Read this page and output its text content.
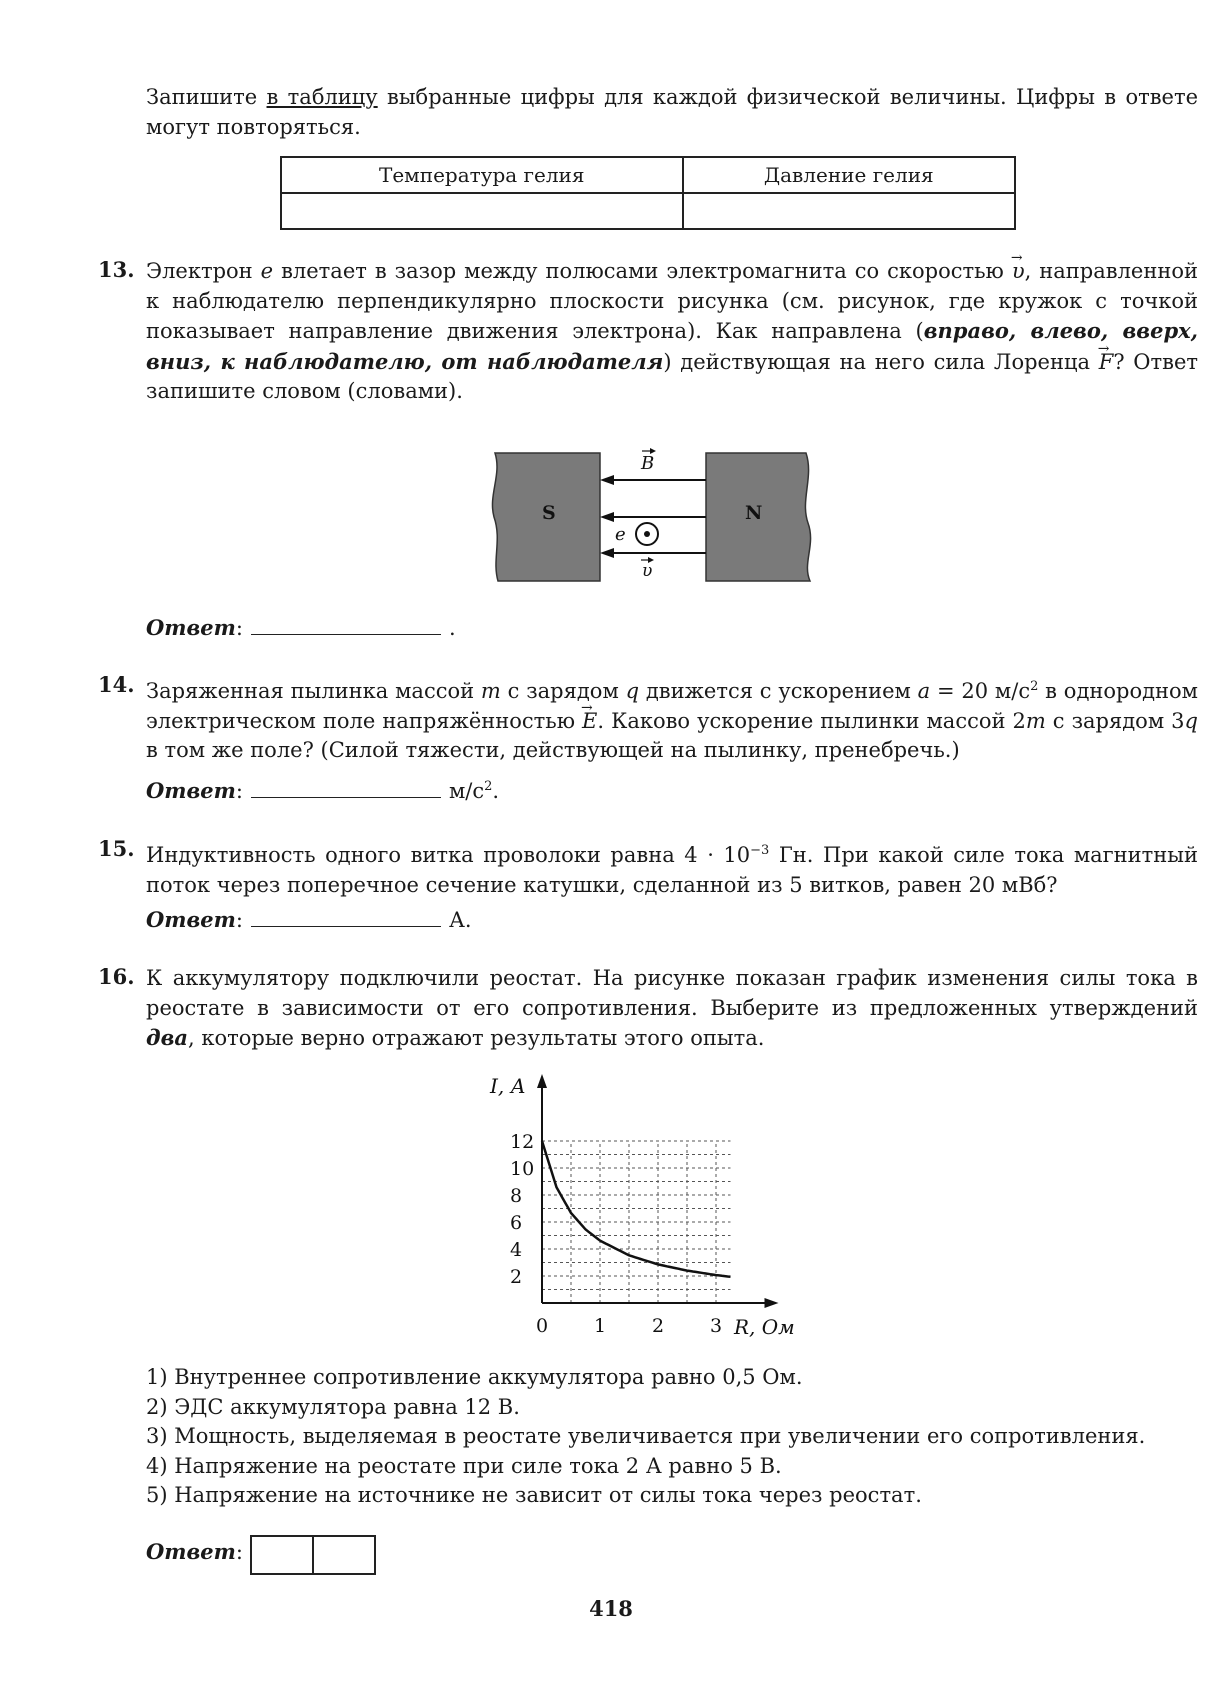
Запишите в таблицу выбранные цифры для каждой физической величины. Цифры в ответе могут повторяться.

Температура гелия	Давление гелия

13. Электрон е влетает в зазор между полюсами электромагнита со скоростью → υ, направленной к наблюдателю перпендикулярно плоскости рисунка (см. рисунок, где кружок с точкой показывает направление движения электрона). Как направлена (вправо, влево, вверх, вниз, к наблюдателю, от наблюдателя) действующая на него сила Лоренца → F? Ответ запишите словом (словами).

S	N
B
e
υ
Ответ:	.
14. Заряженная пылинка массой m с зарядом q движется с ускорением a = 20 $м/с^2$ в однородном электрическом поле напряжённостью → E. Каково ускорение пылинки массой 2m с зарядом 3q в том же поле? (Силой тяжести, действующей на пылинку, пренебречь.)

Ответ:	$м/с^2$.
15. Индуктивность одного витка проволоки равна $4 \cdot 10^{-3}$ Гн. При какой силе тока магнитный поток через поперечное сечение катушки, сделанной из 5 витков, равен 20 мВб?

Ответ:	А.
16. К аккумулятору подключили реостат. На рисунке показан график изменения силы тока в реостате в зависимости от его сопротивления. Выберите из предложенных утверждений два, которые верно отражают результаты этого опыта.

0 1 2 3
2
4
6
8
10
12
I, А
R, Ом
1) Внутреннее сопротивление аккумулятора равно 0,5 Ом.
2) ЭДС аккумулятора равна 12 В.
3) Мощность, выделяемая в реостате увеличивается при увеличении его сопротивления.
4) Напряжение на реостате при силе тока 2 А равно 5 В.
5) Напряжение на источнике не зависит от силы тока через реостат.
Ответ:
418
